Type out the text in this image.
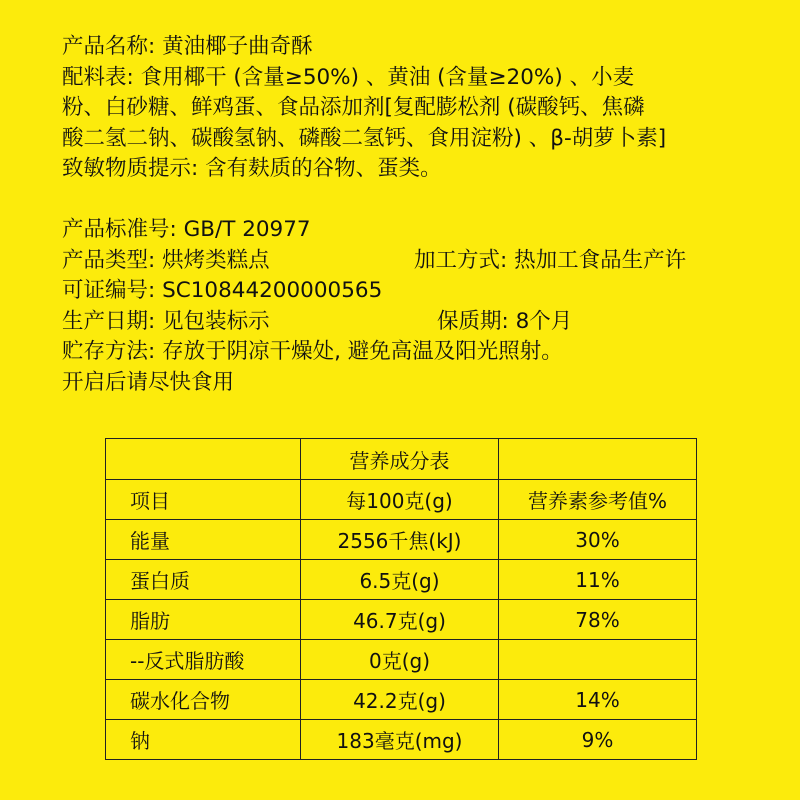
产品名称: 黄油椰子曲奇酥
配料表: 食用椰干 (含量≥50%) 、黄油 (含量≥20%) 、小麦
粉、白砂糖、鲜鸡蛋、食品添加剂[复配膨松剂 (碳酸钙、焦磷
酸二氢二钠、碳酸氢钠、磷酸二氢钙、食用淀粉) 、β-胡萝卜素]
致敏物质提示: 含有麸质的谷物、蛋类。
产品标准号: GB/T 20977
产品类型: 烘烤类糕点	加工方式: 热加工食品生产许
可证编号: SC10844200000565
生产日期: 见包装标示	保质期: 8个月
贮存方法: 存放于阴凉干燥处, 避免高温及阳光照射。
开启后请尽快食用
	营养成分表	
项目	每100克(g)	营养素参考值%
能量	2556千焦(kJ)	30%
蛋白质	6.5克(g)	11%
脂肪	46.7克(g)	78%
--反式脂肪酸	0克(g)	
碳水化合物	42.2克(g)	14%
钠	183毫克(mg)	9%
